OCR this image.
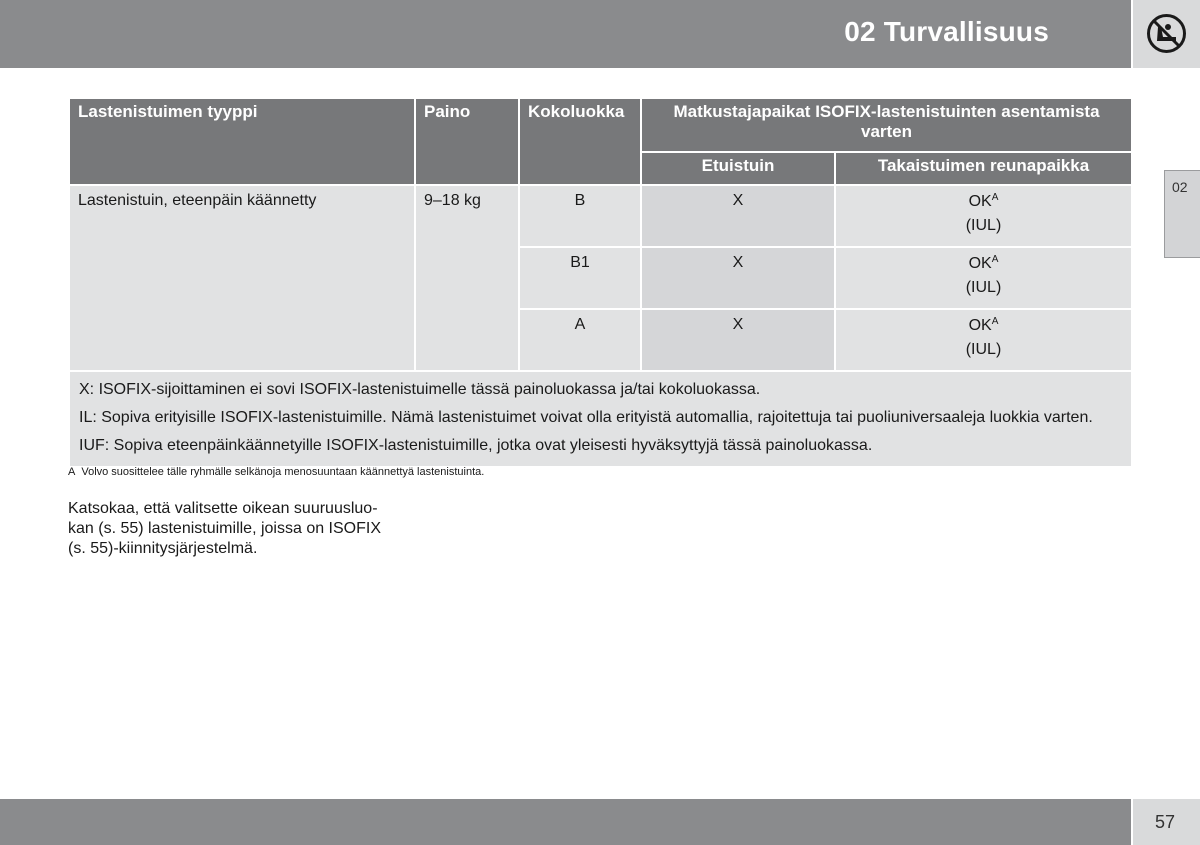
02 Turvallisuus
02
Lastenistuimen tyyppi	Paino	Kokoluokka	Matkustajapaikat ISOFIX-lastenistuinten asentamista varten	
			Etuistuin	Takaistuimen reunapaikka
Lastenistuin, eteenpäin käännetty	9–18 kg	B	X	$OK^A$
(IUL)

		B1	X	$OK^A$
(IUL)

		A	X	$OK^A$
(IUL)

X: ISOFIX-sijoittaminen ei sovi ISOFIX-lastenistuimelle tässä painoluokassa ja/tai kokoluokassa.

IL: Sopiva erityisille ISOFIX-lastenistuimille. Nämä lastenistuimet voivat olla erityistä automallia, rajoitettuja tai puoliuniversaaleja luokkia varten.

IUF: Sopiva eteenpäinkäännetyille ISOFIX-lastenistuimille, jotka ovat yleisesti hyväksyttyjä tässä painoluokassa.				

A Volvo suosittelee tälle ryhmälle selkänoja menosuuntaan käännettyä lastenistuinta.

Katsokaa, että valitsette oikean suuruusluo-kan (s. 55) lastenistuimille, joissa on ISOFIX (s. 55)-kiinnitysjärjestelmä.

57
